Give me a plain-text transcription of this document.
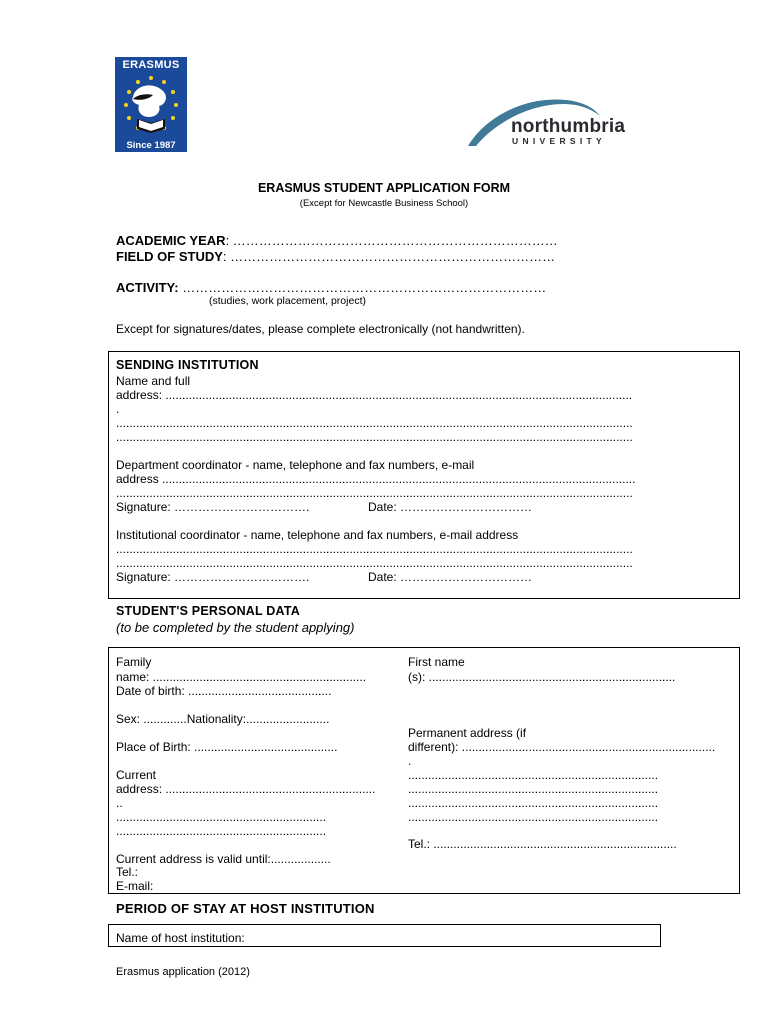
ERASMUS
Since 1987
northumbria
UNIVERSITY
ERASMUS STUDENT APPLICATION FORM
(Except for Newcastle Business School)
ACADEMIC YEAR: …………………………………………………………………
FIELD OF STUDY: …………………………………………………………………
ACTIVITY: …………………………………………………………………………
(studies, work placement, project)
Except for signatures/dates, please complete electronically (not handwritten).
SENDING INSTITUTION
Name and full
address: ............................................................................................................................................
.
...........................................................................................................................................................
...........................................................................................................................................................
Department coordinator - name, telephone and fax numbers, e-mail
address ..............................................................................................................................................
...........................................................................................................................................................
Signature: …………………………….	Date: ……………………………
Institutional coordinator - name, telephone and fax numbers, e-mail address
...........................................................................................................................................................
...........................................................................................................................................................
Signature: …………………………….	Date: ……………………………
STUDENT'S PERSONAL DATA
(to be completed by the student applying)
Family
name: ................................................................
Date of birth: ...........................................
Sex: .............Nationality:.........................
Place of Birth: ...........................................
Current
address: ...............................................................
..
...............................................................
...............................................................
Current address is valid until:..................
Tel.:
E-mail:
First name
(s): ..........................................................................
Permanent address (if
different): ............................................................................
.
...........................................................................
...........................................................................
...........................................................................
...........................................................................
Tel.: .........................................................................
PERIOD OF STAY AT HOST INSTITUTION
Name of host institution:
Erasmus application (2012)
